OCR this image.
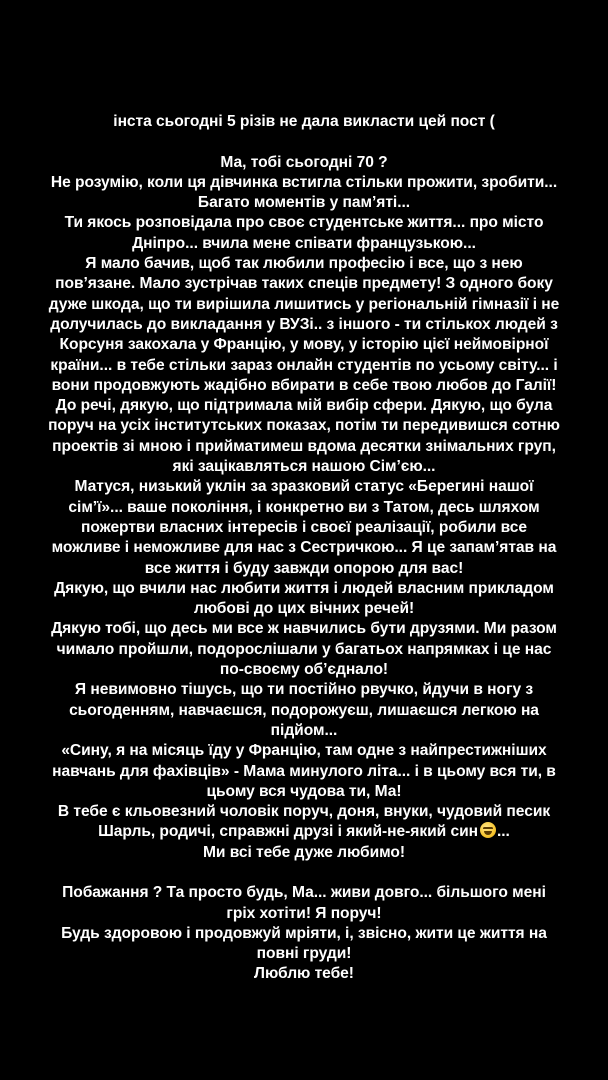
інста сьогодні 5 різів не дала викласти цей пост (
Ма, тобі сьогодні 70 ?
Не розумію, коли ця дівчинка встигла стільки прожити, зробити...
Багато моментів у пам’яті...
Ти якось розповідала про своє студентське життя... про місто
Дніпро... вчила мене співати французькою...
Я мало бачив, щоб так любили професію і все, що з нею
пов’язане. Мало зустрічав таких спеців предмету! З одного боку
дуже шкода, що ти вирішила лишитись у регіональній гімназії і не
долучилась до викладання у ВУЗі.. з іншого - ти стількох людей з
Корсуня закохала у Францію, у мову, у історію цієї неймовірної
країни... в тебе стільки зараз онлайн студентів по усьому світу... і
вони продовжують жадібно вбирати в себе твою любов до Галії!
До речі, дякую, що підтримала мій вибір сфери. Дякую, що була
поруч на усіх інститутських показах, потім ти передивишся сотню
проектів зі мною і прийматимеш вдома десятки знімальних груп,
які зацікавляться нашою Сім’єю...
Матуся, низький уклін за зразковий статус «Берегині нашої
сім’ї»... ваше покоління, і конкретно ви з Татом, десь шляхом
пожертви власних інтересів і своєї реалізації, робили все
можливе і неможливе для нас з Сестричкою... Я це запам’ятав на
все життя і буду завжди опорою для вас!
Дякую, що вчили нас любити життя і людей власним прикладом
любові до цих вічних речей!
Дякую тобі, що десь ми все ж навчились бути друзями. Ми разом
чимало пройшли, подорослішали у багатьох напрямках і це нас
по-своєму об’єднало!
Я невимовно тішусь, що ти постійно рвучко, йдучи в ногу з
сьогоденням, навчаєшся, подорожуєш, лишаєшся легкою на
підйом...
«Сину, я на місяць їду у Францію, там одне з найпрестижніших
навчань для фахівців» - Мама минулого літа... і в цьому вся ти, в
цьому вся чудова ти, Ма!
В тебе є кльовезний чоловік поруч, доня, внуки, чудовий песик
Шарль, родичі, справжні друзі і який-не-який син ...
Ми всі тебе дуже любимо!
Побажання ? Та просто будь, Ма... живи довго... більшого мені
гріх хотіти! Я поруч!
Будь здоровою і продовжуй мріяти, і, звісно, жити це життя на
повні груди!
Люблю тебе!
